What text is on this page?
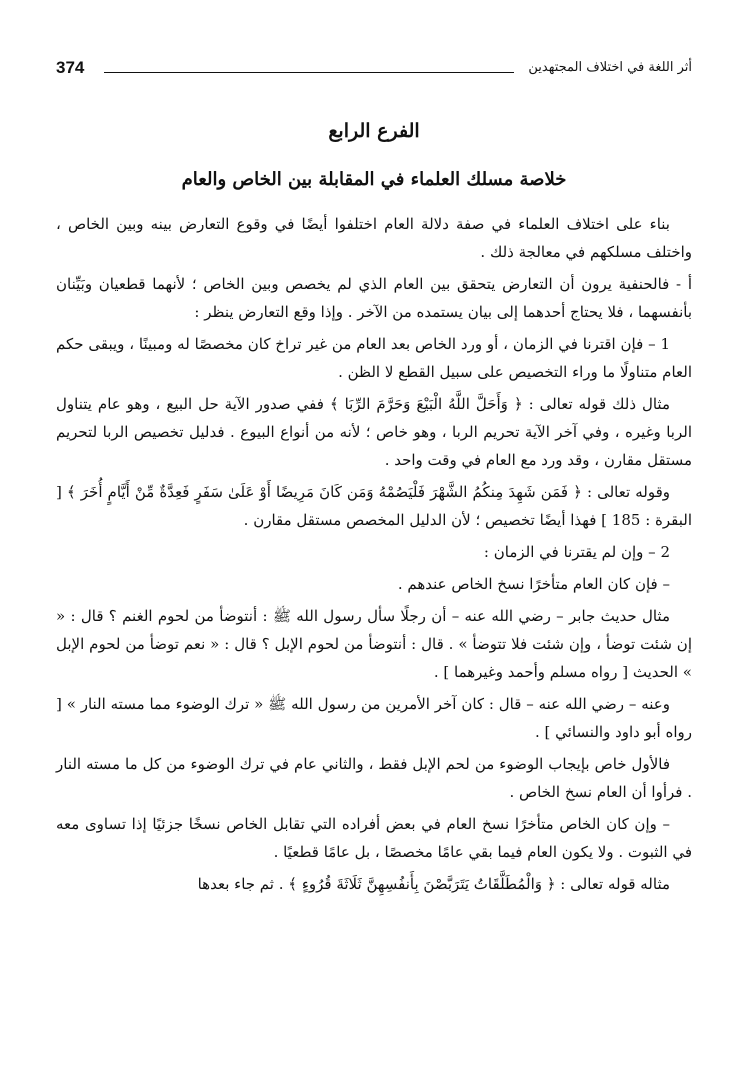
374	أثر اللغة في اختلاف المجتهدين
الفرع الرابع
خلاصة مسلك العلماء في المقابلة بين الخاص والعام

بناء على اختلاف العلماء في صفة دلالة العام اختلفوا أيضًا في وقوع التعارض بينه وبين الخاص ، واختلف مسلكهم في معالجة ذلك .

أ - فالحنفية يرون أن التعارض يتحقق بين العام الذي لم يخصص وبين الخاص ؛ لأنهما قطعيان وبَيِّنان بأنفسهما ، فلا يحتاج أحدهما إلى بيان يستمده من الآخر . وإذا وقع التعارض ينظر :

1 – فإن اقترنا في الزمان ، أو ورد الخاص بعد العام من غير تراخ كان مخصصًا له ومبينًا ، ويبقى حكم العام متناولًا ما وراء التخصيص على سبيل القطع لا الظن .

مثال ذلك قوله تعالى : ﴿ وَأَحَلَّ اللَّهُ الْبَيْعَ وَحَرَّمَ الرِّبَا ﴾ ففي صدور الآية حل البيع ، وهو عام يتناول الربا وغيره ، وفي آخر الآية تحريم الربا ، وهو خاص ؛ لأنه من أنواع البيوع . فدليل تخصيص الربا لتحريم مستقل مقارن ، وقد ورد مع العام في وقت واحد .

وقوله تعالى : ﴿ فَمَن شَهِدَ مِنكُمُ الشَّهْرَ فَلْيَصُمْهُ وَمَن كَانَ مَرِيضًا أَوْ عَلَىٰ سَفَرٍ فَعِدَّةٌ مِّنْ أَيَّامٍ أُخَرَ ﴾ [ البقرة : 185 ] فهذا أيضًا تخصيص ؛ لأن الدليل المخصص مستقل مقارن .

2 – وإن لم يقترنا في الزمان :

– فإن كان العام متأخرًا نسخ الخاص عندهم .

مثال حديث جابر – رضي الله عنه – أن رجلًا سأل رسول الله ﷺ : أنتوضأ من لحوم الغنم ؟ قال : « إن شئت توضأ ، وإن شئت فلا تتوضأ » . قال : أنتوضأ من لحوم الإبل ؟ قال : « نعم توضأ من لحوم الإبل » الحديث [ رواه مسلم وأحمد وغيرهما ] .

وعنه – رضي الله عنه – قال : كان آخر الأمرين من رسول الله ﷺ « ترك الوضوء مما مسته النار » [ رواه أبو داود والنسائي ] .

فالأول خاص بإيجاب الوضوء من لحم الإبل فقط ، والثاني عام في ترك الوضوء من كل ما مسته النار . فرأوا أن العام نسخ الخاص .

– وإن كان الخاص متأخرًا نسخ العام في بعض أفراده التي تقابل الخاص نسخًا جزئيًا إذا تساوى معه في الثبوت . ولا يكون العام فيما بقي عامًا مخصصًا ، بل عامًا قطعيًا .

مثاله قوله تعالى : ﴿ وَالْمُطَلَّقَاتُ يَتَرَبَّصْنَ بِأَنفُسِهِنَّ ثَلَاثَةَ قُرُوءٍ ﴾ . ثم جاء بعدها
